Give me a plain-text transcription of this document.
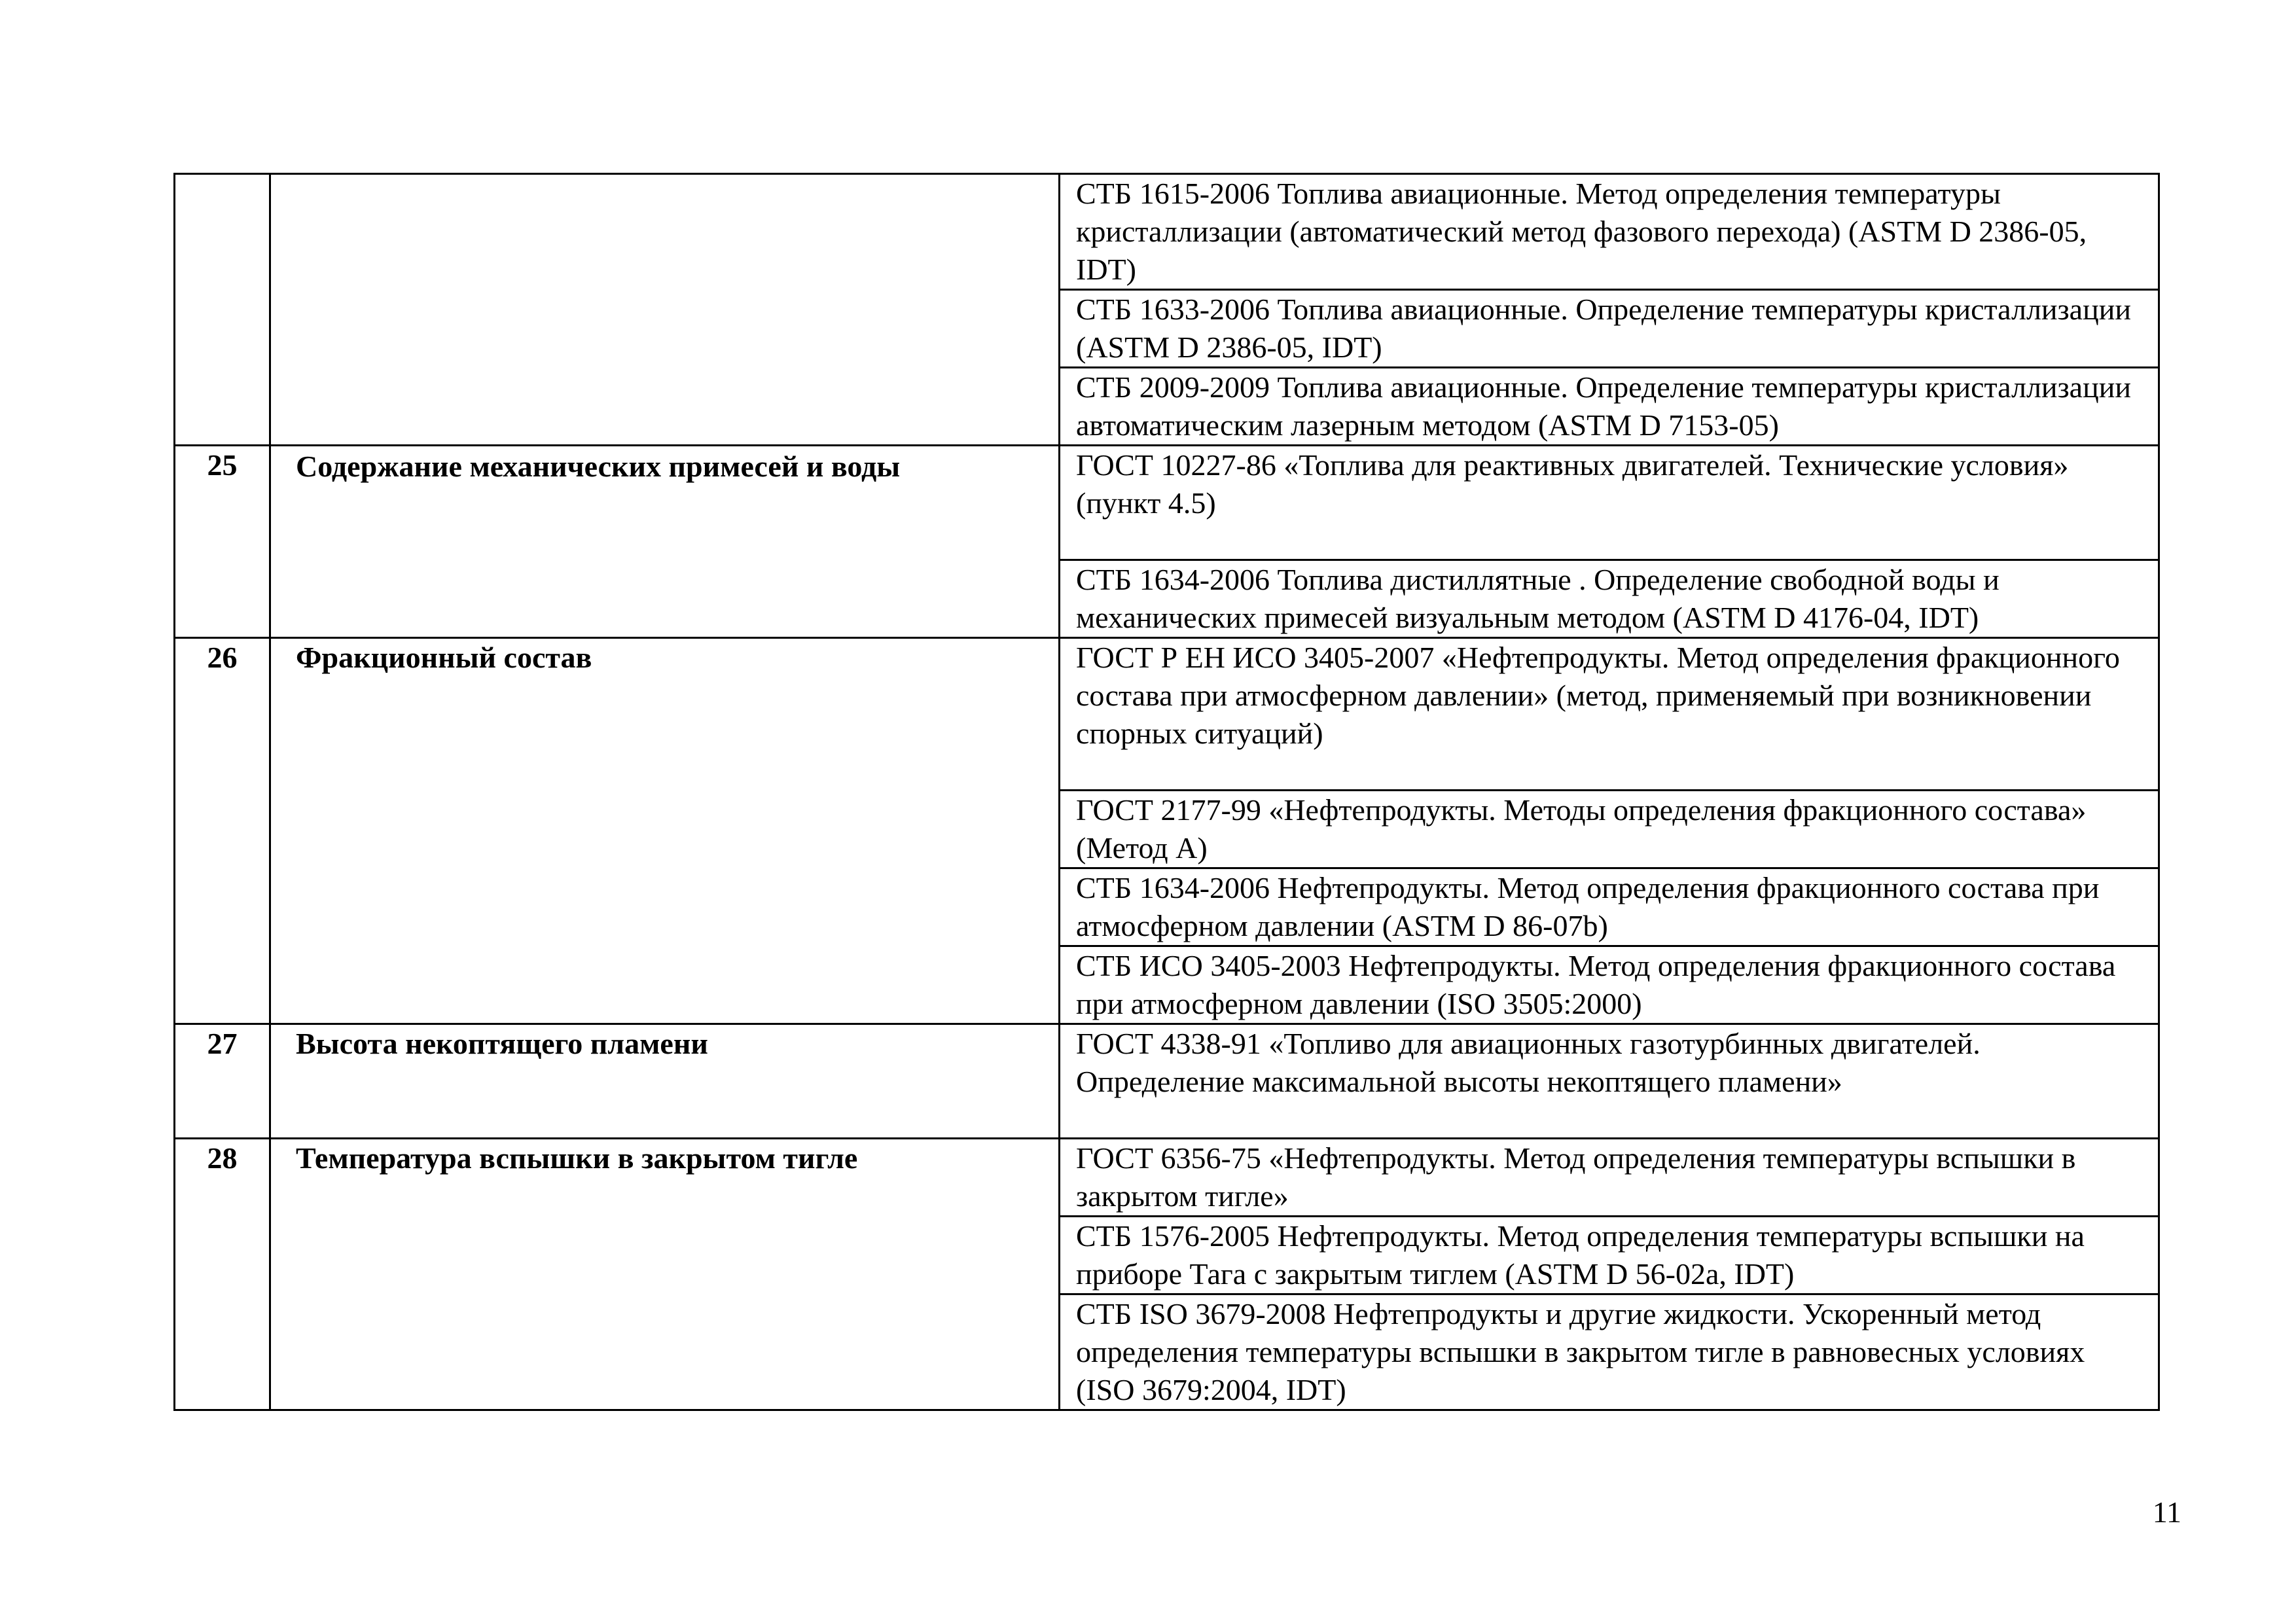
		СТБ 1615-2006 Топлива авиационные. Метод определения температуры кристаллизации (автоматический метод фазового перехода) (ASTM D 2386-05, IDT)
		СТБ 1633-2006 Топлива авиационные. Определение температуры кристаллизации (ASTM D 2386-05, IDT)
		СТБ 2009-2009 Топлива авиационные. Определение температуры кристаллизации автоматическим лазерным методом (ASTM D 7153-05)
25	Содержание механических примесей и воды	ГОСТ 10227-86 «Топлива для реактивных двигателей. Технические условия» (пункт 4.5)
		СТБ 1634-2006 Топлива дистиллятные . Определение свободной воды и механических примесей визуальным методом (ASTM D 4176-04, IDT)
26	Фракционный состав	ГОСТ Р ЕН ИСО 3405-2007 «Нефтепродукты. Метод определения фракционного состава при атмосферном давлении» (метод, применяемый при возникновении спорных ситуаций)
		ГОСТ 2177-99 «Нефтепродукты. Методы определения фракционного состава» (Метод А)
		СТБ 1634-2006 Нефтепродукты. Метод определения фракционного состава при атмосферном давлении (ASTM D 86-07b)
		СТБ ИСО 3405-2003 Нефтепродукты. Метод определения фракционного состава при атмосферном давлении (ISO 3505:2000)
27	Высота некоптящего пламени	ГОСТ 4338-91 «Топливо для авиационных газотурбинных двигателей. Определение максимальной высоты некоптящего пламени»
28	Температура вспышки в закрытом тигле	ГОСТ 6356-75 «Нефтепродукты. Метод определения температуры вспышки в закрытом тигле»
		СТБ 1576-2005 Нефтепродукты. Метод определения температуры вспышки на приборе Тага с закрытым тиглем (ASTM D 56-02а, IDT)
		СТБ ISO 3679-2008 Нефтепродукты и другие жидкости. Ускоренный метод определения температуры вспышки в закрытом тигле в равновесных условиях (ISO 3679:2004, IDT)
11
